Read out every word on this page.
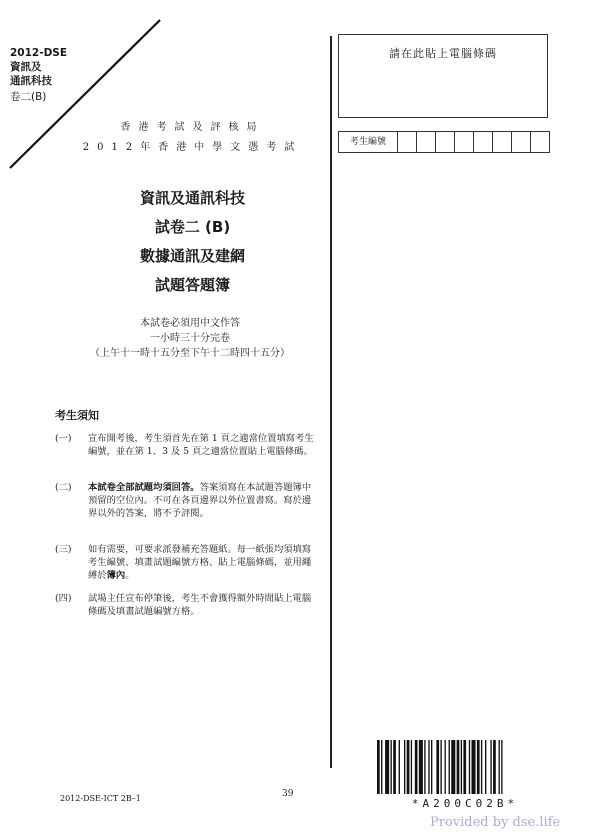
2012-DSE
資訊及
通訊科技
卷二(B)
香港考試及評核局
2012年香港中學文憑考試
請在此貼上電腦條碼
考生編號
資訊及通訊科技
試卷二 (B)
數據通訊及建網
試題答題簿
本試卷必須用中文作答
一小時三十分完卷
（上午十一時十五分至下午十二時四十五分）
考生須知
(一)	宣布開考後，考生須首先在第 1 頁之適當位置填寫考生編號，並在第 1、3 及 5 頁之適當位置貼上電腦條碼。
(二)	本試卷全部試題均須回答。答案須寫在本試題答題簿中預留的空位內。不可在各頁邊界以外位置書寫。寫於邊界以外的答案，將不予評閱。
(三)	如有需要，可要求派發補充答題紙。每一紙張均須填寫考生編號、填畫試題編號方格、貼上電腦條碼，並用繩縛於簿內。
(四)	試場主任宣布停筆後，考生不會獲得額外時間貼上電腦條碼及填畫試題編號方格。
2012-DSE-ICT 2B–1	39
*A200C02B*
Provided by dse.life
